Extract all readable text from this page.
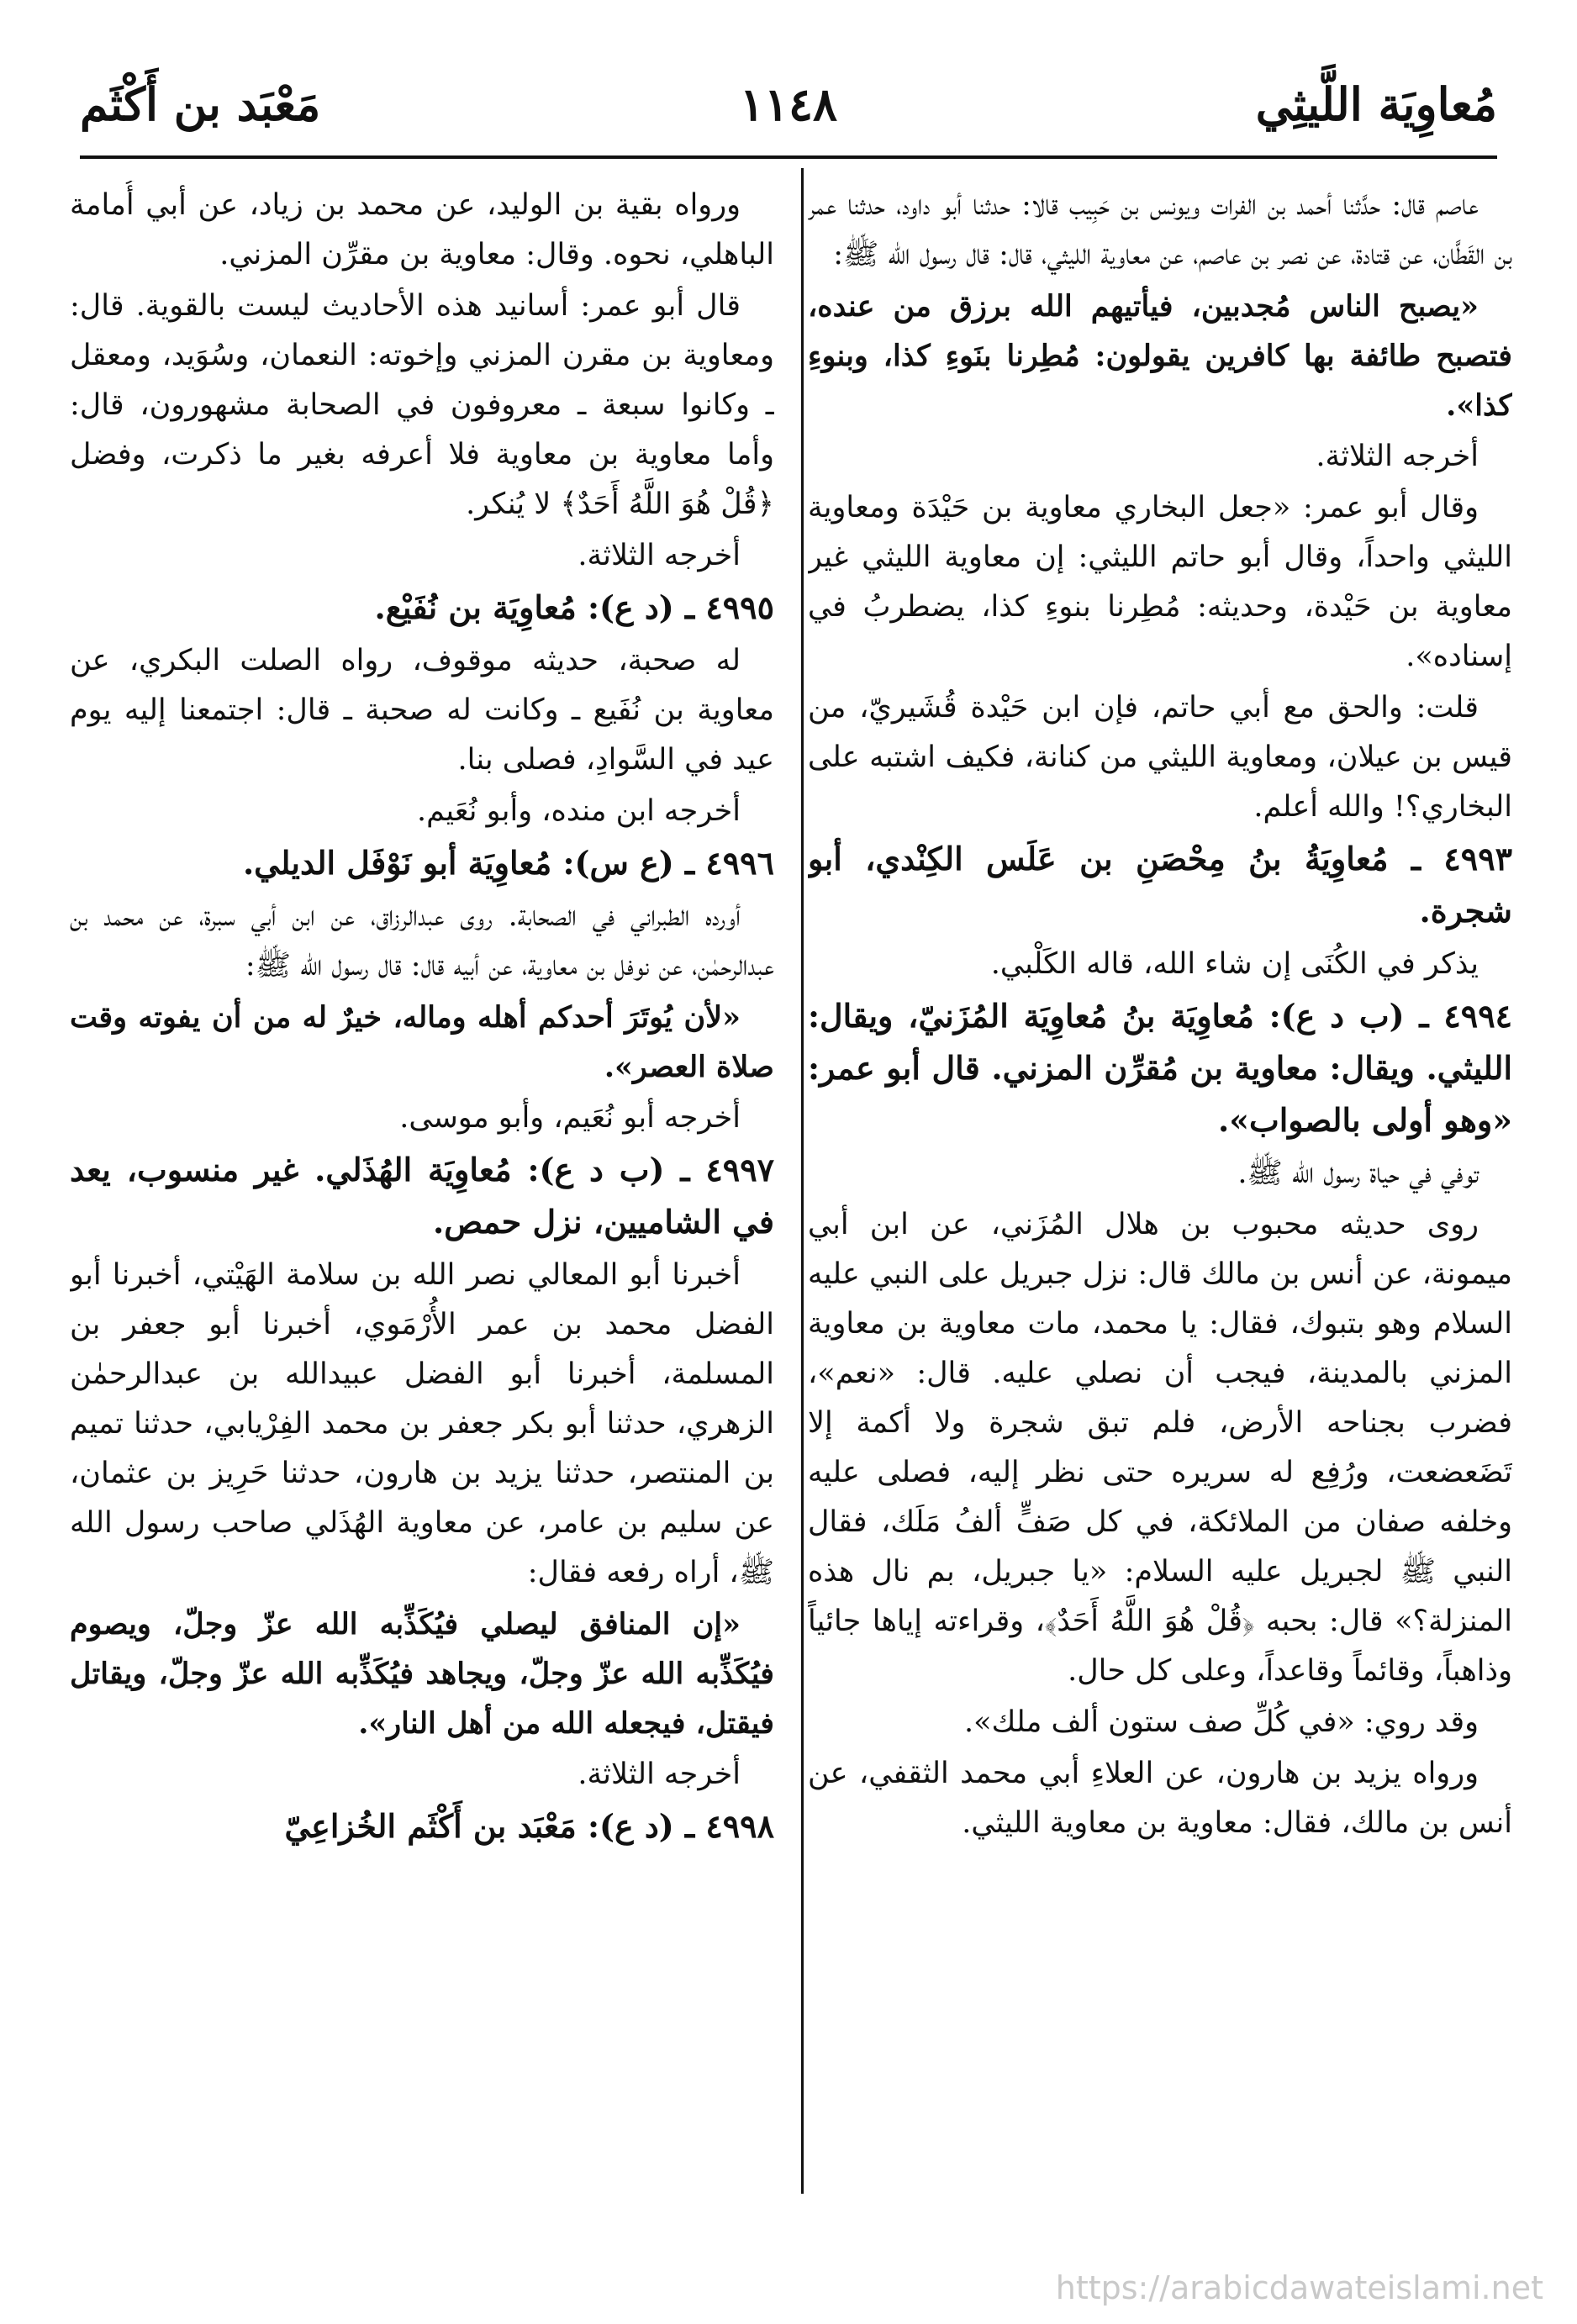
مُعاوِيَة اللَّيثِي
١١٤٨
مَعْبَد بن أَكْثَم

عاصم قال: حدَّثنا أحمد بن الفرات ويونس بن حَبِيب قالا: حدثنا أبو داود، حدثنا عمر بن القَطَّان، عن قتادة، عن نصر بن عاصم، عن معاوية الليثي، قال: قال رسول الله ﷺ:

«يصبح الناس مُجدبين، فيأتيهم الله برزق من عنده، فتصبح طائفة بها كافرين يقولون: مُطِرنا بنَوءِ كذا، وبنوءِ كذا».

أخرجه الثلاثة.

وقال أبو عمر: «جعل البخاري معاوية بن حَيْدَة ومعاوية الليثي واحداً، وقال أبو حاتم الليثي: إن معاوية الليثي غير معاوية بن حَيْدة، وحديثه: مُطِرنا بنوءِ كذا، يضطربُ في إسناده».

قلت: والحق مع أبي حاتم، فإن ابن حَيْدة قُشَيريّ، من قيس بن عيلان، ومعاوية الليثي من كنانة، فكيف اشتبه على البخاري؟! والله أعلم.

٤٩٩٣ ـ مُعاوِيَةُ بنُ مِحْصَنِ بن عَلَس الكِنْدي، أبو شجرة.

يذكر في الكُنَى إن شاء الله، قاله الكَلْبي.

٤٩٩٤ ـ (ب د ع): مُعاوِيَة بنُ مُعاوِيَة المُزَنيّ، ويقال: الليثي. ويقال: معاوية بن مُقرِّن المزني. قال أبو عمر: «وهو أولى بالصواب».

توفي في حياة رسول الله ﷺ.

روى حديثه محبوب بن هلال المُزَني، عن ابن أبي ميمونة، عن أنس بن مالك قال: نزل جبريل على النبي عليه السلام وهو بتبوك، فقال: يا محمد، مات معاوية بن معاوية المزني بالمدينة، فيجب أن نصلي عليه. قال: «نعم»، فضرب بجناحه الأرض، فلم تبق شجرة ولا أكمة إلا تَضَعضعت، ورُفِع له سريره حتى نظر إليه، فصلى عليه وخلفه صفان من الملائكة، في كل صَفٍّ ألفُ مَلَك، فقال النبي ﷺ لجبريل عليه السلام: «يا جبريل، بم نال هذه المنزلة؟» قال: بحبه ﴿قُلْ هُوَ اللَّهُ أَحَدٌ﴾، وقراءته إياها جائياً وذاهباً، وقائماً وقاعداً، وعلى كل حال.

وقد روي: «في كُلِّ صف ستون ألف ملك».

ورواه يزيد بن هارون، عن العلاءِ أبي محمد الثقفي، عن أنس بن مالك، فقال: معاوية بن معاوية الليثي.

ورواه بقية بن الوليد، عن محمد بن زياد، عن أبي أُمامة الباهلي، نحوه. وقال: معاوية بن مقرِّن المزني.

قال أبو عمر: أسانيد هذه الأحاديث ليست بالقوية. قال: ومعاوية بن مقرن المزني وإخوته: النعمان، وسُوَيد، ومعقل ـ وكانوا سبعة ـ معروفون في الصحابة مشهورون، قال: وأما معاوية بن معاوية فلا أعرفه بغير ما ذكرت، وفضل ﴿قُلْ هُوَ اللَّهُ أَحَدٌ﴾ لا يُنكر.

أخرجه الثلاثة.

٤٩٩٥ ـ (د ع): مُعاوِيَة بن نُفَيْع.

له صحبة، حديثه موقوف، رواه الصلت البكري، عن معاوية بن نُفَيع ـ وكانت له صحبة ـ قال: اجتمعنا إليه يوم عيد في السَّوادِ، فصلى بنا.

أخرجه ابن منده، وأبو نُعَيم.

٤٩٩٦ ـ (ع س): مُعاوِيَة أبو نَوْفَل الديلي.

أورده الطبراني في الصحابة. روى عبدالرزاق، عن ابن أبي سبرة، عن محمد بن عبدالرحمٰن، عن نوفل بن معاوية، عن أبيه قال: قال رسول الله ﷺ:

«لأن يُوتَرَ أحدكم أهله وماله، خيرٌ له من أن يفوته وقت صلاة العصر».

أخرجه أبو نُعَيم، وأبو موسى.

٤٩٩٧ ـ (ب د ع): مُعاوِيَة الهُذَلي. غير منسوب، يعد في الشاميين، نزل حمص.

أخبرنا أبو المعالي نصر الله بن سلامة الهَيْتي، أخبرنا أبو الفضل محمد بن عمر الأُرْمَوي، أخبرنا أبو جعفر بن المسلمة، أخبرنا أبو الفضل عبيدالله بن عبدالرحمٰن الزهري، حدثنا أبو بكر جعفر بن محمد الفِرْيابي، حدثنا تميم بن المنتصر، حدثنا يزيد بن هارون، حدثنا حَرِيز بن عثمان، عن سليم بن عامر، عن معاوية الهُذَلي صاحب رسول الله ﷺ، أراه رفعه فقال:

«إن المنافق ليصلي فيُكَذِّبه الله عزّ وجلّ، ويصوم فيُكَذِّبه الله عزّ وجلّ، ويجاهد فيُكَذِّبه الله عزّ وجلّ، ويقاتل فيقتل، فيجعله الله من أهل النار».

أخرجه الثلاثة.

٤٩٩٨ ـ (د ع): مَعْبَد بن أَكْثَم الخُزاعِيّ

https://arabicdawateislami.net
